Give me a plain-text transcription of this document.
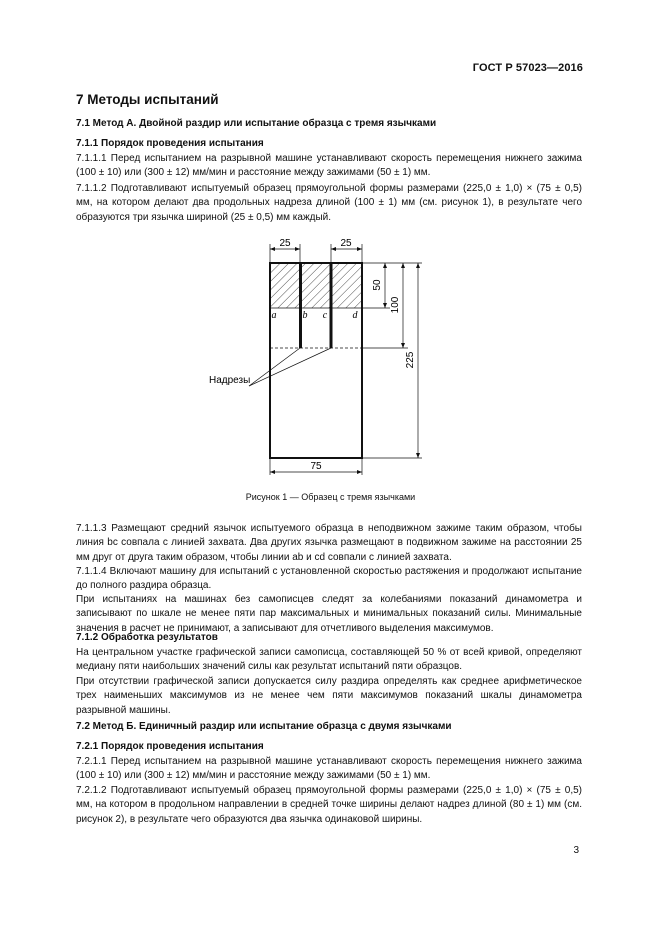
ГОСТ Р 57023—2016
7 Методы испытаний
7.1 Метод А. Двойной раздир или испытание образца с тремя язычками
7.1.1 Порядок проведения испытания

7.1.1.1 Перед испытанием на разрывной машине устанавливают скорость перемещения нижнего зажима (100 ± 10) или (300 ± 12) мм/мин и расстояние между зажимами (50 ± 1) мм.

7.1.1.2 Подготавливают испытуемый образец прямоугольной формы размерами (225,0 ± 1,0) × (75 ± 0,5) мм, на котором делают два продольных надреза длиной (100 ± 1) мм (см. рисунок 1), в результате чего образуются три язычка шириной (25 ± 0,5) мм каждый.

25	25
50
100
225
75
a	b c	d
Надрезы
Рисунок 1 — Образец с тремя язычками

7.1.1.3 Размещают средний язычок испытуемого образца в неподвижном зажиме таким образом, чтобы линия bc совпала с линией захвата. Два других язычка размещают в подвижном зажиме на расстоянии 25 мм друг от друга таким образом, чтобы линии ab и cd совпали с линией захвата.

7.1.1.4 Включают машину для испытаний с установленной скоростью растяжения и продолжают испытание до полного раздира образца.

При испытаниях на машинах без самописцев следят за колебаниями показаний динамометра и записывают по шкале не менее пяти пар максимальных и минимальных показаний силы. Минимальные значения в расчет не принимают, а записывают для отчетливого выделения максимумов.

7.1.2 Обработка результатов

На центральном участке графической записи самописца, составляющей 50 % от всей кривой, определяют медиану пяти наибольших значений силы как результат испытаний пяти образцов.

При отсутствии графической записи допускается силу раздира определять как среднее арифметическое трех наименьших максимумов из не менее чем пяти максимумов показаний шкалы динамометра разрывной машины.

7.2 Метод Б. Единичный раздир или испытание образца с двумя язычками
7.2.1 Порядок проведения испытания

7.2.1.1 Перед испытанием на разрывной машине устанавливают скорость перемещения нижнего зажима (100 ± 10) или (300 ± 12) мм/мин и расстояние между зажимами (50 ± 1) мм.

7.2.1.2 Подготавливают испытуемый образец прямоугольной формы размерами (225,0 ± 1,0) × (75 ± 0,5) мм, на котором в продольном направлении в средней точке ширины делают надрез длиной (80 ± 1) мм (см. рисунок 2), в результате чего образуются два язычка одинаковой ширины.

3
